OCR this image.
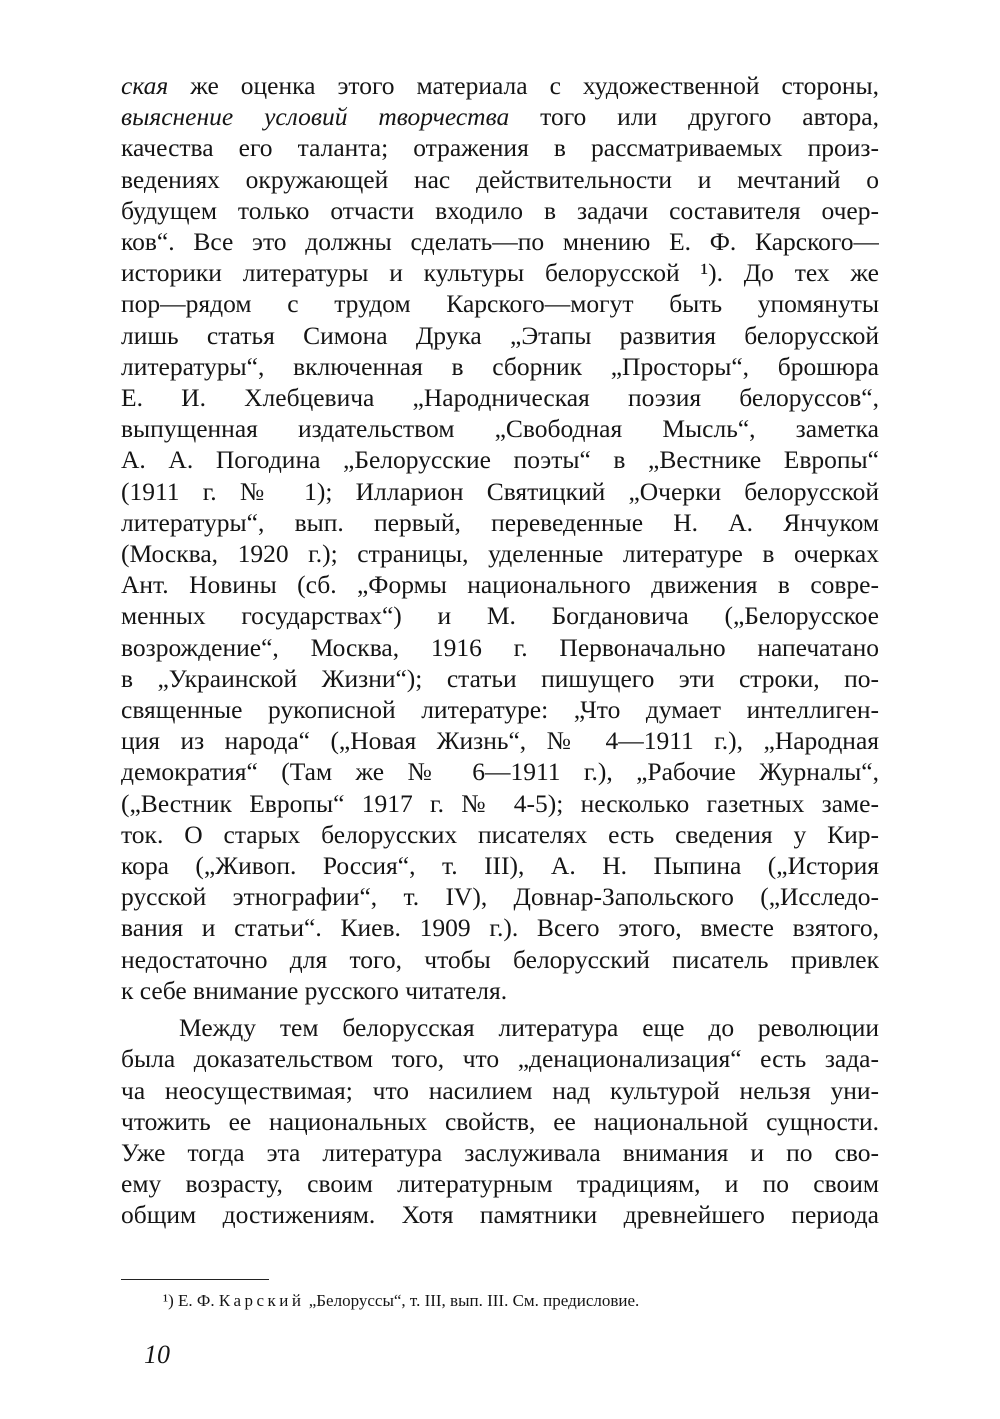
ская же оценка этого материала с художественной стороны,
выяснение условий творчества того или другого автора,
качества его таланта; отражения в рассматриваемых произ-
ведениях окружающей нас действительности и мечтаний о
будущем только отчасти входило в задачи составителя очер-
ков“. Все это должны сделать—по мнению Е. Ф. Карского—
историки литературы и культуры белорусской ¹). До тех же
пор—рядом с трудом Карского—могут быть упомянуты
лишь статья Симона Друка „Этапы развития белорусской
литературы“, включенная в сборник „Просторы“, брошюра
Е. И. Хлебцевича „Народническая поэзия белоруссов“,
выпущенная издательством „Свободная Мысль“, заметка
А. А. Погодина „Белорусские поэты“ в „Вестнике Европы“
(1911 г. № 1); Илларион Святицкий „Очерки белорусской
литературы“, вып. первый, переведенные Н. А. Янчуком
(Москва, 1920 г.); страницы, уделенные литературе в очерках
Ант. Новины (сб. „Формы национального движения в совре-
менных государствах“) и М. Богдановича („Белорусское
возрождение“, Москва, 1916 г. Первоначально напечатано
в „Украинской Жизни“); статьи пишущего эти строки, по-
священные рукописной литературе: „Что думает интеллиген-
ция из народа“ („Новая Жизнь“, № 4—1911 г.), „Народная
демократия“ (Там же № 6—1911 г.), „Рабочие Журналы“,
(„Вестник Европы“ 1917 г. № 4-5); несколько газетных заме-
ток. О старых белорусских писателях есть сведения у Кир-
кора („Живоп. Россия“, т. III), А. Н. Пыпина („История
русской этнографии“, т. IV), Довнар-Запольского („Исследо-
вания и статьи“. Киев. 1909 г.). Всего этого, вместе взятого,
недостаточно для того, чтобы белорусский писатель привлек
к себе внимание русского читателя.

Между тем белорусская литература еще до революции
была доказательством того, что „денационализация“ есть зада-
ча неосуществимая; что насилием над культурой нельзя уни-
чтожить ее национальных свойств, ее национальной сущности.
Уже тогда эта литература заслуживала внимания и по сво-
ему возрасту, своим литературным традициям, и по своим
общим достижениям. Хотя памятники древнейшего периода

¹) Е. Ф. Карский „Белоруссы“, т. III, вып. III. См. предисловие.
10
